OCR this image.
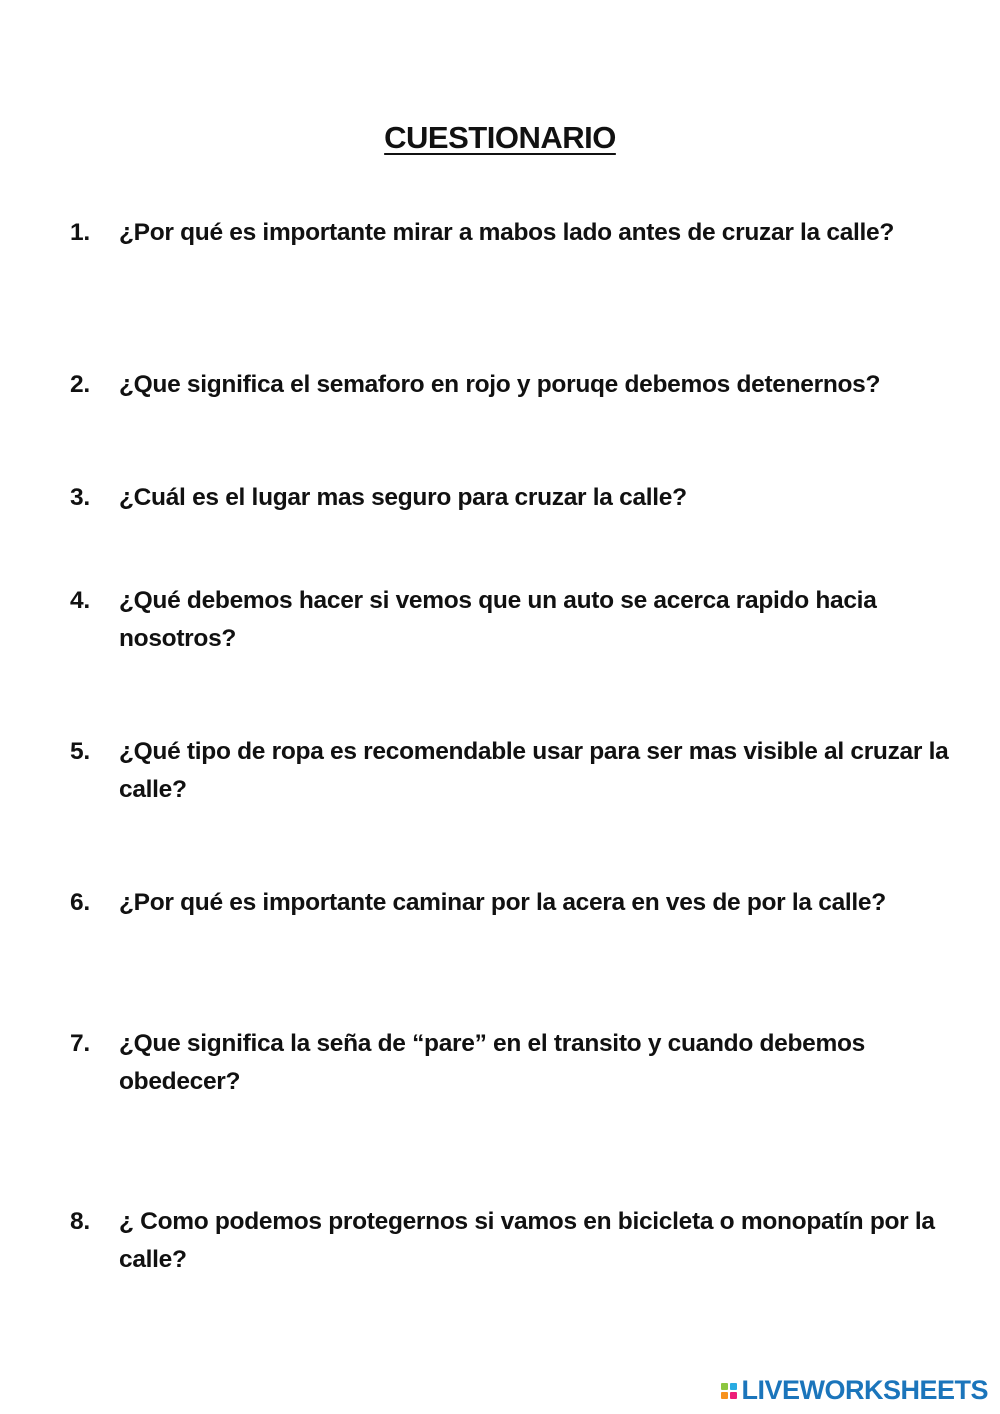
CUESTIONARIO
1.	¿Por qué es importante mirar a mabos lado antes de cruzar la calle?
2.	¿Que significa el semaforo en rojo y poruqe debemos detenernos?
3.	¿Cuál es el lugar mas seguro para cruzar la calle?
4.	¿Qué debemos hacer si vemos que un auto se acerca rapido hacia nosotros?
5.	¿Qué tipo de ropa es recomendable usar para ser mas visible al cruzar la calle?
6.	¿Por qué es importante caminar por la acera en ves de por la calle?
7.	¿Que significa la seña de “pare” en el transito y cuando debemos obedecer?
8.	¿ Como podemos protegernos si vamos en bicicleta o monopatín por la calle?
LIVEWORKSHEETS
